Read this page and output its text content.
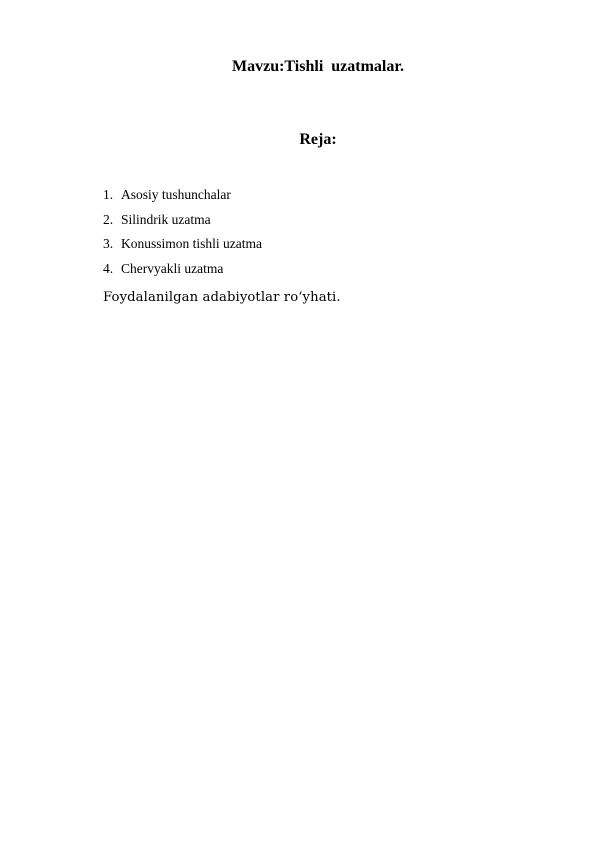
Mavzu:Tishli  uzatmalar.
Reja:
1. Asosiy tushunchalar
2. Silindrik uzatma
3. Konussimon tishli uzatma
4. Chervyakli uzatma
Foydalanilgan adabiyotlar ro‘yhati.
